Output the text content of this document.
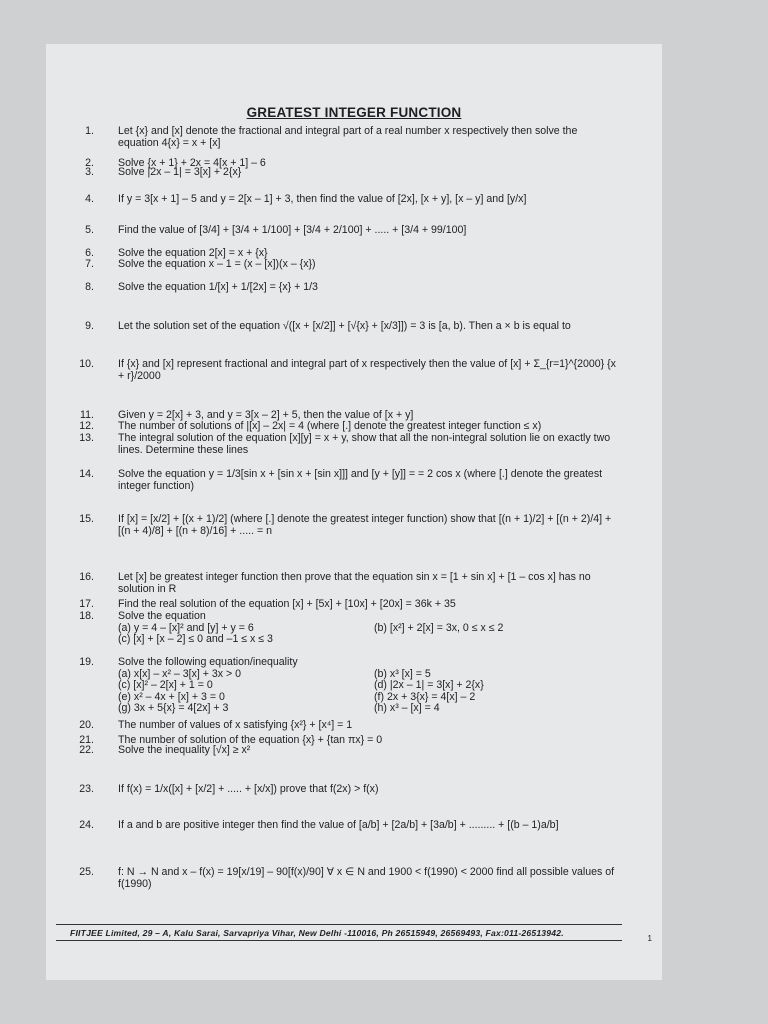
GREATEST INTEGER FUNCTION
1. Let {x} and [x] denote the fractional and integral part of a real number x respectively then solve the equation 4{x} = x + [x]
2. Solve {x + 1} + 2x = 4[x + 1] – 6
3. Solve |2x – 1| = 3[x] + 2{x}
4. If y = 3[x + 1] – 5 and y = 2[x – 1] + 3, then find the value of [2x], [x + y], [x – y] and [y/x]
5. Find the value of [3/4] + [3/4 + 1/100] + [3/4 + 2/100] + ..... + [3/4 + 99/100]
6. Solve the equation 2[x] = x + {x}
7. Solve the equation x – 1 = (x – [x])(x – {x})
8. Solve the equation 1/[x] + 1/[2x] = {x} + 1/3
9. Let the solution set of the equation √([x + [x/2]] + [√{x} + [x/3]]) = 3 is [a, b). Then a × b is equal to
10. If {x} and [x] represent fractional and integral part of x respectively then the value of [x] + Σ_{r=1}^{2000} {x + r}/2000
11. Given y = 2[x] + 3, and y = 3[x – 2] + 5, then the value of [x + y]
12. The number of solutions of |[x] – 2x| = 4 (where [.] denote the greatest integer function ≤ x)
13. The integral solution of the equation [x][y] = x + y, show that all the non-integral solution lie on exactly two lines. Determine these lines
14. Solve the equation y = 1/3[sin x + [sin x + [sin x]]] and [y + [y]] = = 2 cos x (where [.] denote the greatest integer function)
15. If [x] = [x/2] + [(x + 1)/2] (where [.] denote the greatest integer function) show that [(n + 1)/2] + [(n + 2)/4] + [(n + 4)/8] + [(n + 8)/16] + ..... = n
16. Let [x] be greatest integer function then prove that the equation sin x = [1 + sin x] + [1 – cos x] has no solution in R
17. Find the real solution of the equation [x] + [5x] + [10x] + [20x] = 36k + 35
18. Solve the equation
(a) y = 4 – [x]² and [y] + y = 6	(b) [x²] + 2[x] = 3x, 0 ≤ x ≤ 2
(c) [x] + [x – 2] ≤ 0 and –1 ≤ x ≤ 3

19. Solve the following equation/inequality
(a) x[x] – x² – 3[x] + 3x > 0	(b) x³ [x] = 5
(c) [x]² – 2[x] + 1 = 0	(d) |2x – 1| = 3[x] + 2{x}
(e) x² – 4x + [x] + 3 = 0	(f) 2x + 3{x} = 4[x] – 2
(g) 3x + 5{x} = 4[2x] + 3	(h) x³ – [x] = 4

20. The number of values of x satisfying {x²} + [x⁴] = 1
21. The number of solution of the equation {x} + {tan πx} = 0
22. Solve the inequality [√x] ≥ x²
23. If f(x) = 1/x([x] + [x/2] + ..... + [x/x]) prove that f(2x) > f(x)
24. If a and b are positive integer then find the value of [a/b] + [2a/b] + [3a/b] + ......... + [(b – 1)a/b]
25. f: N → N and x – f(x) = 19[x/19] – 90[f(x)/90] ∀ x ∈ N and 1900 < f(1990) < 2000 find all possible values of f(1990)
FIITJEE Limited, 29 – A, Kalu Sarai, Sarvapriya Vihar, New Delhi -110016, Ph 26515949, 26569493, Fax:011-26513942.
1
